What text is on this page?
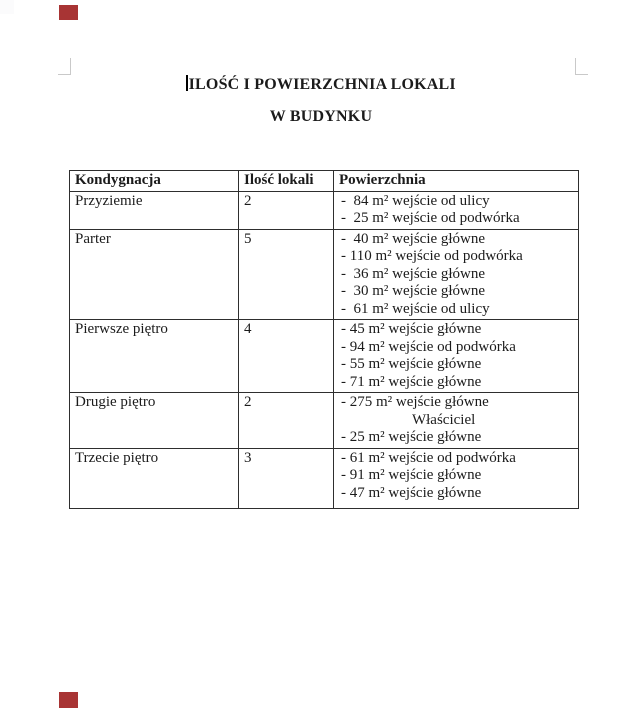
ILOŚĆ I POWIERZCHNIA LOKALI
W BUDYNKU
Kondygnacja	Ilość lokali	Powierzchnia
Przyziemie	2	-  84 m² wejście od ulicy
-  25 m² wejście od podwórka

Parter	5	-  40 m² wejście główne
- 110 m² wejście od podwórka
-  36 m² wejście główne
-  30 m² wejście główne
-  61 m² wejście od ulicy

Pierwsze piętro	4	- 45 m² wejście główne
- 94 m² wejście od podwórka
- 55 m² wejście główne
- 71 m² wejście główne

Drugie piętro	2	- 275 m² wejście główne
Właściciel
- 25 m² wejście główne

Trzecie piętro	3	- 61 m² wejście od podwórka
- 91 m² wejście główne
- 47 m² wejście główne
